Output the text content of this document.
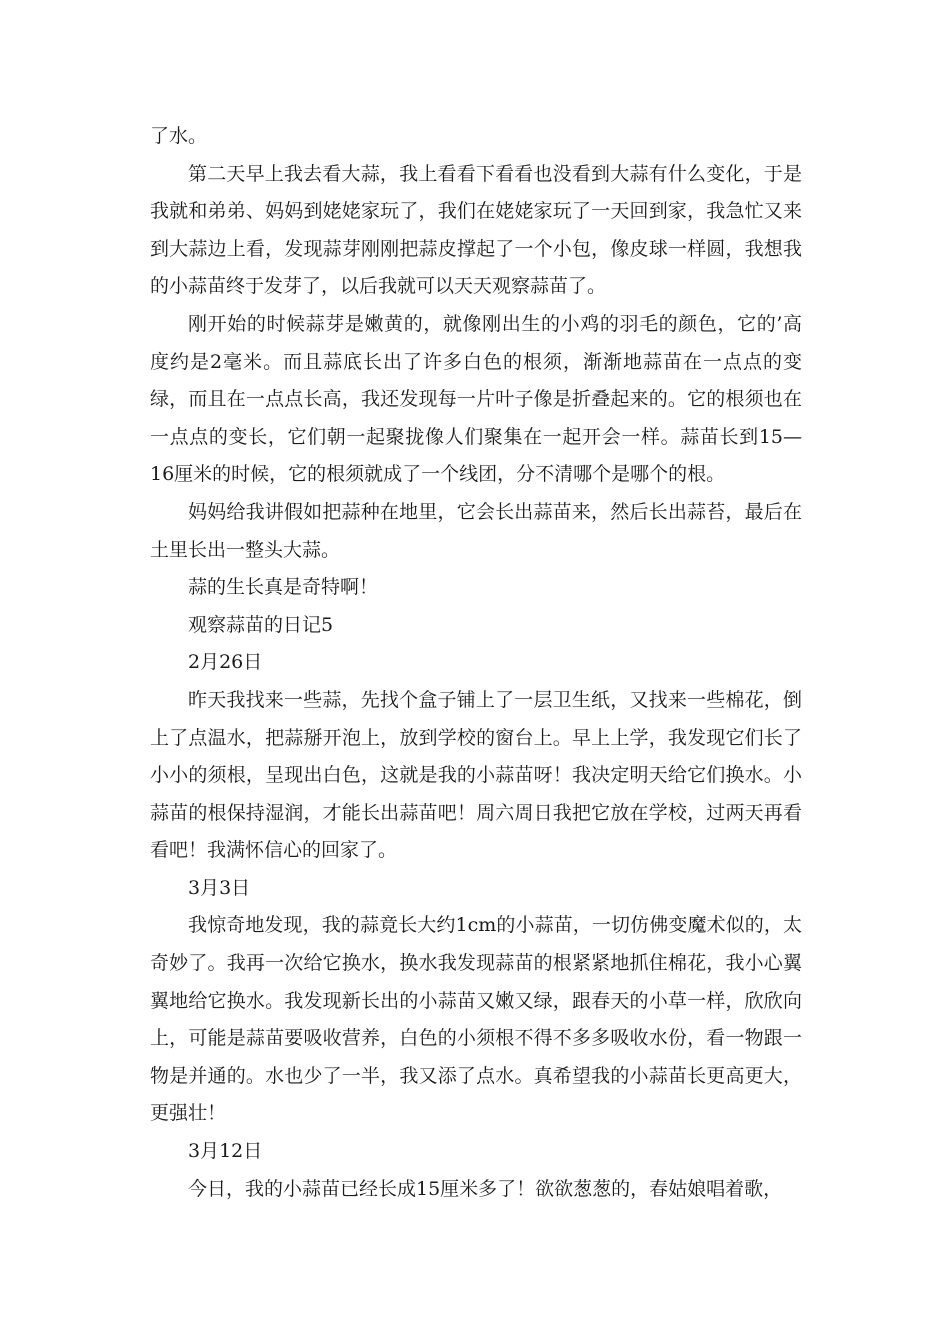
了水。

第二天早上我去看大蒜，我上看看下看看也没看到大蒜有什么变化，于是我就和弟弟、妈妈到姥姥家玩了，我们在姥姥家玩了一天回到家，我急忙又来到大蒜边上看，发现蒜芽刚刚把蒜皮撑起了一个小包，像皮球一样圆，我想我的小蒜苗终于发芽了，以后我就可以天天观察蒜苗了。

刚开始的时候蒜芽是嫩黄的，就像刚出生的小鸡的羽毛的颜色，它的’高度约是2毫米。而且蒜底长出了许多白色的根须，渐渐地蒜苗在一点点的变绿，而且在一点点长高，我还发现每一片叶子像是折叠起来的。它的根须也在一点点的变长，它们朝一起聚拢像人们聚集在一起开会一样。蒜苗长到15—16厘米的时候，它的根须就成了一个线团，分不清哪个是哪个的根。

妈妈给我讲假如把蒜种在地里，它会长出蒜苗来，然后长出蒜苔，最后在土里长出一整头大蒜。

蒜的生长真是奇特啊！

观察蒜苗的日记5

2月26日

昨天我找来一些蒜，先找个盒子铺上了一层卫生纸，又找来一些棉花，倒上了点温水，把蒜掰开泡上，放到学校的窗台上。早上上学，我发现它们长了小小的须根，呈现出白色，这就是我的小蒜苗呀！我决定明天给它们换水。小蒜苗的根保持湿润，才能长出蒜苗吧！周六周日我把它放在学校，过两天再看看吧！我满怀信心的回家了。

3月3日

我惊奇地发现，我的蒜竟长大约1cm的小蒜苗，一切仿佛变魔术似的，太奇妙了。我再一次给它换水，换水我发现蒜苗的根紧紧地抓住棉花，我小心翼翼地给它换水。我发现新长出的小蒜苗又嫩又绿，跟春天的小草一样，欣欣向上，可能是蒜苗要吸收营养，白色的小须根不得不多多吸收水份，看一物跟一物是并通的。水也少了一半，我又添了点水。真希望我的小蒜苗长更高更大，更强壮！

3月12日

今日，我的小蒜苗已经长成15厘米多了！欲欲葱葱的，春姑娘唱着歌，
